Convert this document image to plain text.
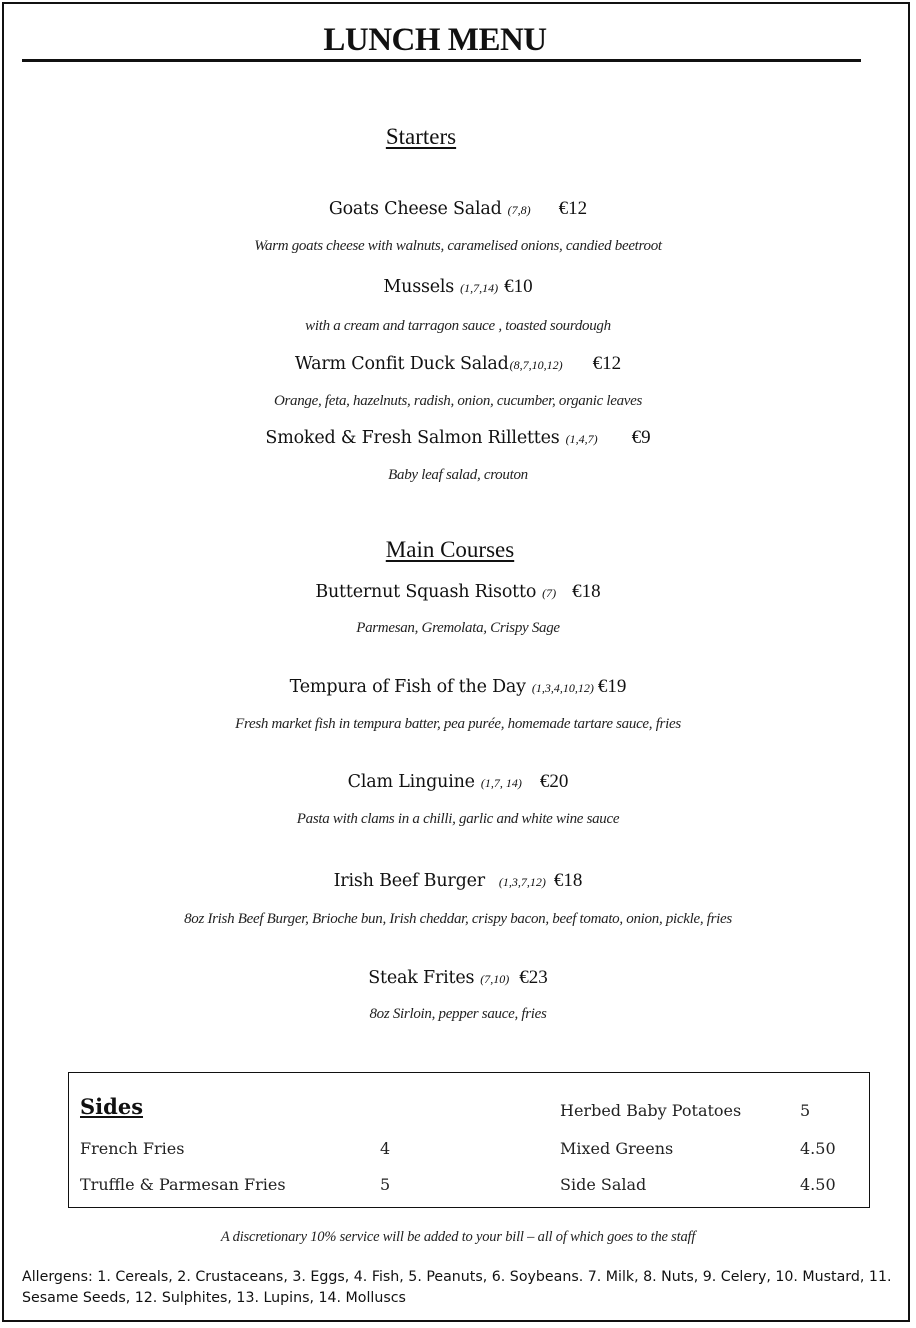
LUNCH MENU
Starters
Goats Cheese Salad (7,8) €12
Warm goats cheese with walnuts, caramelised onions, candied beetroot
Mussels (1,7,14) €10
with a cream and tarragon sauce , toasted sourdough
Warm Confit Duck Salad(8,7,10,12) €12
Orange, feta, hazelnuts, radish, onion, cucumber, organic leaves
Smoked & Fresh Salmon Rillettes (1,4,7) €9
Baby leaf salad, crouton
Main Courses
Butternut Squash Risotto (7) €18
Parmesan, Gremolata, Crispy Sage
Tempura of Fish of the Day (1,3,4,10,12) €19
Fresh market fish in tempura batter, pea purée, homemade tartare sauce, fries
Clam Linguine (1,7, 14) €20
Pasta with clams in a chilli, garlic and white wine sauce
Irish Beef Burger (1,3,7,12) €18
8oz Irish Beef Burger, Brioche bun, Irish cheddar, crispy bacon, beef tomato, onion, pickle, fries
Steak Frites (7,10) €23
8oz Sirloin, pepper sauce, fries
Sides
French Fries	4
Truffle & Parmesan Fries	5
Herbed Baby Potatoes	5
Mixed Greens	4.50
Side Salad	4.50
A discretionary 10% service will be added to your bill – all of which goes to the staff
Allergens: 1. Cereals, 2. Crustaceans, 3. Eggs, 4. Fish, 5. Peanuts, 6. Soybeans. 7. Milk, 8. Nuts, 9. Celery, 10. Mustard, 11. Sesame Seeds, 12. Sulphites, 13. Lupins, 14. Molluscs
